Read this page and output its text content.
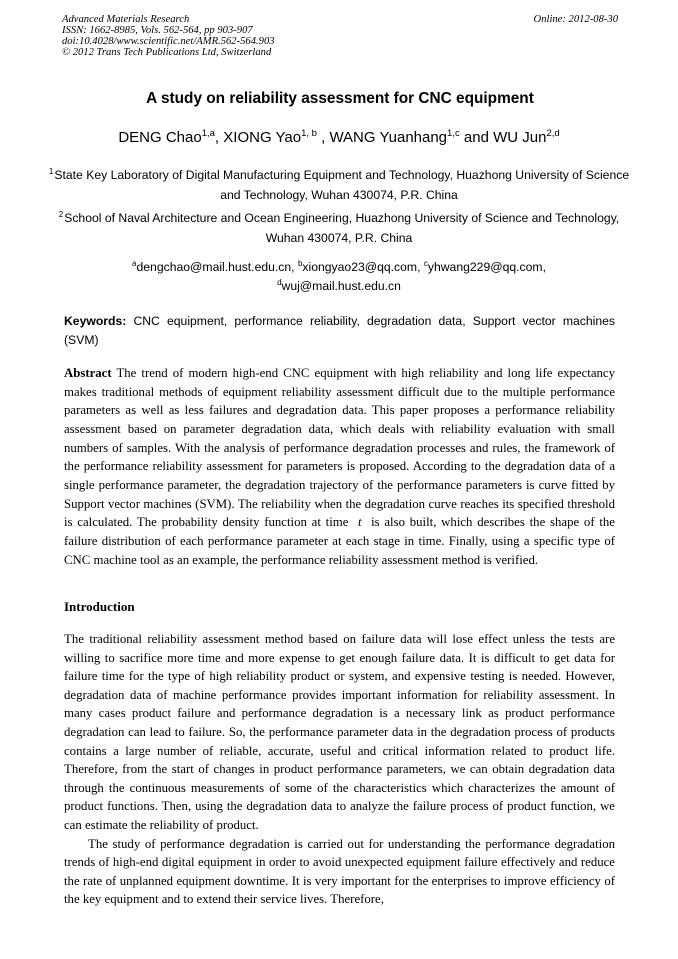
Advanced Materials Research
ISSN: 1662-8985, Vols. 562-564, pp 903-907
doi:10.4028/www.scientific.net/AMR.562-564.903
© 2012 Trans Tech Publications Ltd, Switzerland
Online: 2012-08-30
A study on reliability assessment for CNC equipment
DENG Chao$^{1,a}$, XIONG Yao$^{1, b}$ , WANG Yuanhang$^{1,c}$ and WU Jun$^{2,d}$
$^1$ State Key Laboratory of Digital Manufacturing Equipment and Technology, Huazhong University of Science and Technology, Wuhan 430074, P.R. China
$^2$ School of Naval Architecture and Ocean Engineering, Huazhong University of Science and Technology, Wuhan 430074, P.R. China
$^a$dengchao@mail.hust.edu.cn, $^b$xiongyao23@qq.com, $^c$yhwang229@qq.com,
$^d$wuj@mail.hust.edu.cn
Keywords: CNC equipment, performance reliability, degradation data, Support vector machines (SVM)
Abstract The trend of modern high-end CNC equipment with high reliability and long life expectancy makes traditional methods of equipment reliability assessment difficult due to the multiple performance parameters as well as less failures and degradation data. This paper proposes a performance reliability assessment based on parameter degradation data, which deals with reliability evaluation with small numbers of samples. With the analysis of performance degradation processes and rules, the framework of the performance reliability assessment for parameters is proposed. According to the degradation data of a single performance parameter, the degradation trajectory of the performance parameters is curve fitted by Support vector machines (SVM). The reliability when the degradation curve reaches its specified threshold is calculated. The probability density function at time t is also built, which describes the shape of the failure distribution of each performance parameter at each stage in time. Finally, using a specific type of CNC machine tool as an example, the performance reliability assessment method is verified.
Introduction

The traditional reliability assessment method based on failure data will lose effect unless the tests are willing to sacrifice more time and more expense to get enough failure data. It is difficult to get data for failure time for the type of high reliability product or system, and expensive testing is needed. However, degradation data of machine performance provides important information for reliability assessment. In many cases product failure and performance degradation is a necessary link as product performance degradation can lead to failure. So, the performance parameter data in the degradation process of products contains a large number of reliable, accurate, useful and critical information related to product life. Therefore, from the start of changes in product performance parameters, we can obtain degradation data through the continuous measurements of some of the characteristics which characterizes the amount of product functions. Then, using the degradation data to analyze the failure process of product function, we can estimate the reliability of product.

The study of performance degradation is carried out for understanding the performance degradation trends of high-end digital equipment in order to avoid unexpected equipment failure effectively and reduce the rate of unplanned equipment downtime. It is very important for the enterprises to improve efficiency of the key equipment and to extend their service lives. Therefore,
